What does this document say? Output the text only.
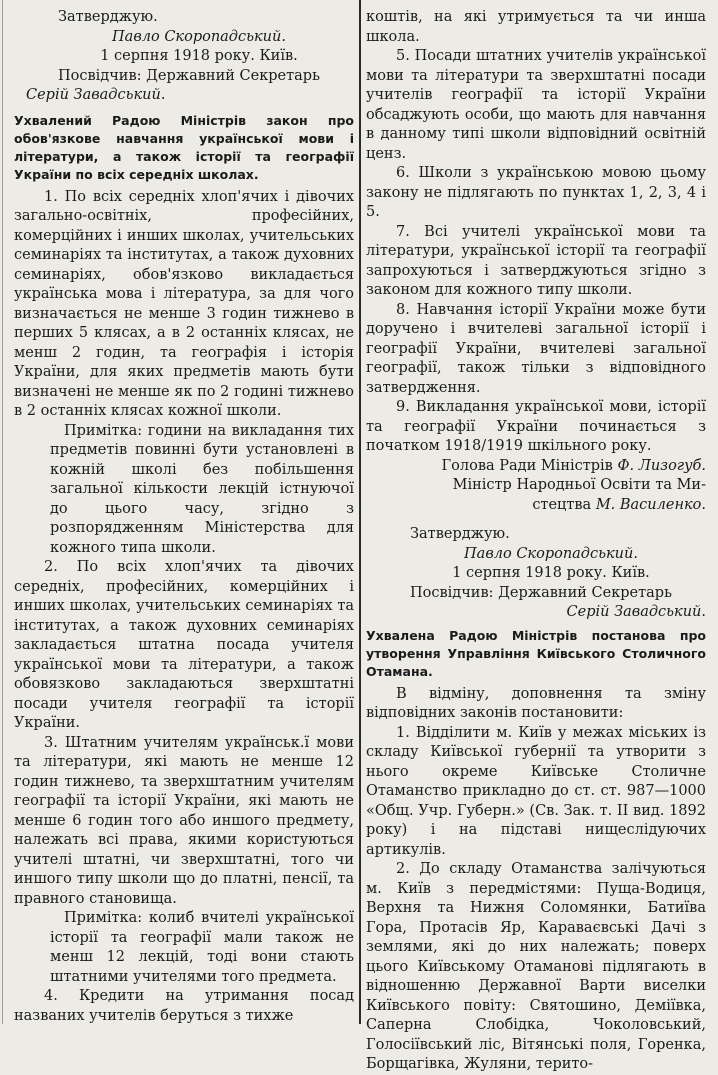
Затверджую.

Павло Скоропадський.

1 серпня 1918 року. Київ.

Посвідчив: Державний Секретарь

Серій Завадський.

Ухвалений Радою Міністрів закон про обов'язкове навчання української мови і літератури, а також історії та географії України по всіх середніх школах.

1. По всіх середніх хлоп'ячих і дівочих загально-освітніх, професійних, комерційних і инших школах, учительських семинаріях та інститутах, а також духовних семинаріях, обов'язково викладається українська мова і література, за для чого визначається не менше 3 годин тижнево в перших 5 клясах, а в 2 останніх клясах, не менш 2 годин, та географія і історія України, для яких предметів мають бути визначені не менше як по 2 годині тижнево в 2 останніх клясах кожної школи.

Примітка: години на викладання тих предметів повинні бути установлені в кожній школі без побільшення загальної кількости лекцій істнуючої до цього часу, згідно з розпорядженням Міністерства для кожного типа школи.

2. По всіх хлоп'ячих та дівочих середніх, професійних, комерційних і инших школах, учительських семинаріях та інститутах, а також духовних семинаріях закладається штатна посада учителя української мови та літератури, а також обовязково закладаються зверхштатні посади учителя географії та історії України.

3. Штатним учителям українськ.ї мови та літератури, які мають не менше 12 годин тижнево, та зверхштатним учителям географії та історії України, які мають не менше 6 годин того або иншого предмету, належать всі права, якими користуються учителі штатні, чи зверхштатні, того чи иншого типу школи що до платні, пенсії, та правного становища.

Примітка: колиб вчителі української історії та географії мали також не менш 12 лекцій, тоді вони стають штатними учителями того предмета.

4. Кредити на утримання посад названих учителів беруться з тихже

коштів, на які утримується та чи инша школа.

5. Посади штатних учителів української мови та літератури та зверхштатні посади учителів географії та історії України обсаджують особи, що мають для навчання в данному типі школи відповідний освітній ценз.

6. Школи з українською мовою цьому закону не підлягають по пунктах 1, 2, 3, 4 і 5.

7. Всі учителі української мови та літератури, української історії та географії запрохуються і затверджуються згідно з законом для кожного типу школи.

8. Навчання історії України може бути доручено і вчителеві загальної історії і географії України, вчителеві загальної географії, також тільки з відповідного затвердження.

9. Викладання української мови, історії та географії України починається з початком 1918/1919 шкільного року.

Голова Ради Міністрів Ф. Лизогуб.

Міністр Народньої Освіти та Ми-

стецтва М. Василенко.

Затверджую.

Павло Скоропадський.

1 серпня 1918 року. Київ.

Посвідчив: Державний Секретарь

Серій Завадський.

Ухвалена Радою Міністрів постанова про утворення Управління Київського Столичного Отамана.

В відміну, доповнення та зміну відповідних законів постановити:

1. Відділити м. Київ у межах міських із складу Київської губернії та утворити з нього окреме Київське Столичне Отаманство прикладно до ст. ст. 987—1000 «Общ. Учр. Губерн.» (Св. Зак. т. II вид. 1892 року) і на підставі нищеслідуючих артикулів.

2. До складу Отаманства залічуються м. Київ з передмістями: Пуща-Водиця, Верхня та Нижня Соломянки, Батиїва Гора, Протасів Яр, Караваєвські Дачі з землями, які до них належать; поверх цього Київському Отаманові підлягають в відношенню Державної Варти виселки Київського повіту: Святошино, Деміївка, Саперна Слобідка, Чоколовський, Голосіївський ліс, Вітянські поля, Горенка, Борщагівка, Жуляни, терито-
